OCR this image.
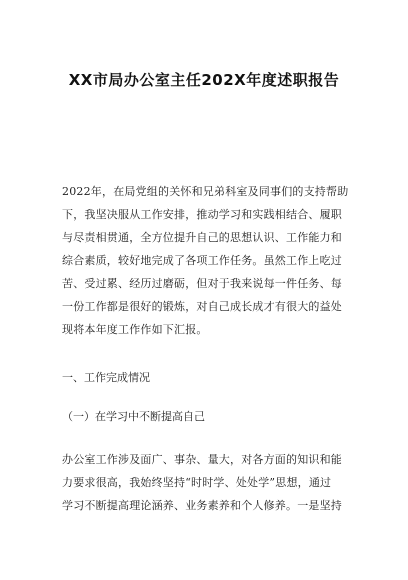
XX市局办公室主任202X年度述职报告
2022年，在局党组的关怀和兄弟科室及同事们的支持帮助
下，我坚决服从工作安排，推动学习和实践相结合、履职
与尽责相贯通，全方位提升自己的思想认识、工作能力和
综合素质，较好地完成了各项工作任务。虽然工作上吃过
苦、受过累、经历过磨砺，但对于我来说每一件任务、每
一份工作都是很好的锻炼，对自己成长成才有很大的益处
现将本年度工作作如下汇报。
一、工作完成情况
（一）在学习中不断提高自己
办公室工作涉及面广、事杂、量大，对各方面的知识和能
力要求很高，我始终坚持“时时学、处处学”思想，通过
学习不断提高理论涵养、业务素养和个人修养。一是坚持
